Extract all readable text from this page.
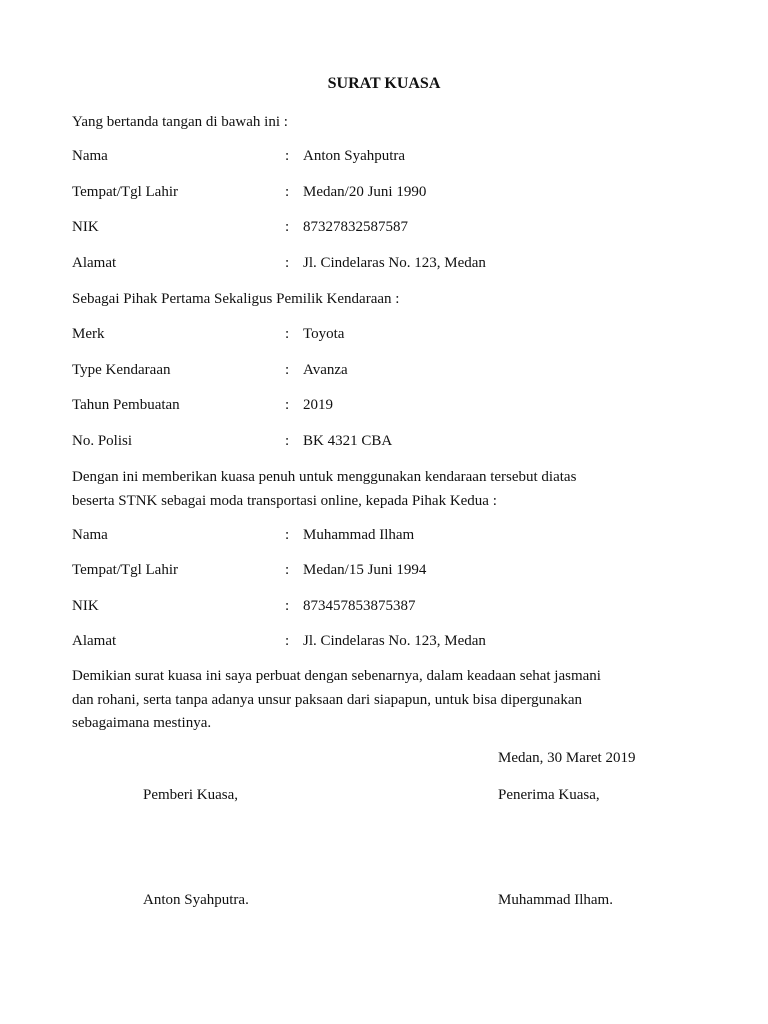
SURAT KUASA
Yang bertanda tangan di bawah ini :
Nama	: Anton Syahputra
Tempat/Tgl Lahir	: Medan/20 Juni 1990
NIK	: 87327832587587
Alamat	: Jl. Cindelaras No. 123, Medan
Sebagai Pihak Pertama Sekaligus Pemilik Kendaraan :
Merk	: Toyota
Type Kendaraan	: Avanza
Tahun Pembuatan	: 2019
No. Polisi	: BK 4321 CBA
Dengan ini memberikan kuasa penuh untuk menggunakan kendaraan tersebut diatas
beserta STNK sebagai moda transportasi online, kepada Pihak Kedua :
Nama	: Muhammad Ilham
Tempat/Tgl Lahir	: Medan/15 Juni 1994
NIK	: 873457853875387
Alamat	: Jl. Cindelaras No. 123, Medan
Demikian surat kuasa ini saya perbuat dengan sebenarnya, dalam keadaan sehat jasmani
dan rohani, serta tanpa adanya unsur paksaan dari siapapun, untuk bisa dipergunakan
sebagaimana mestinya.
Medan, 30 Maret 2019
Pemberi Kuasa,	Penerima Kuasa,
Anton Syahputra.	Muhammad Ilham.
